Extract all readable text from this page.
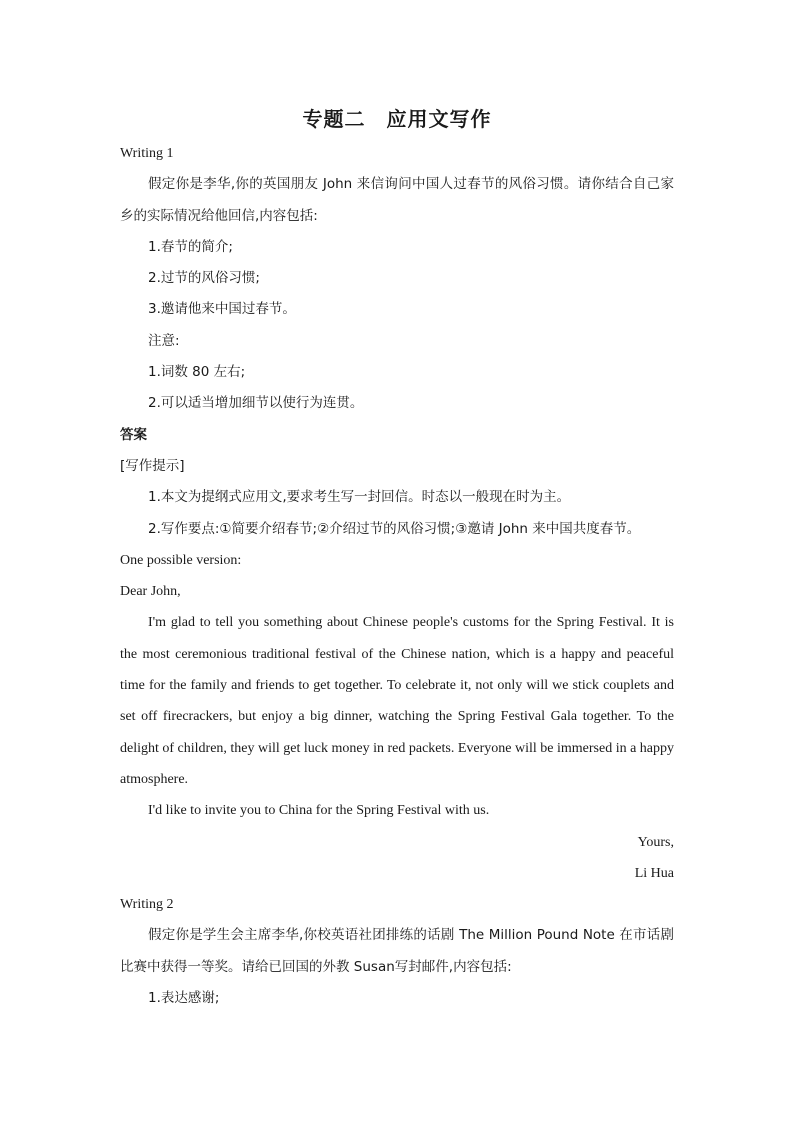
专题二　应用文写作
Writing 1
假定你是李华,你的英国朋友 John 来信询问中国人过春节的风俗习惯。请你结合自己家乡的实际情况给他回信,内容包括:
1.春节的简介;
2.过节的风俗习惯;
3.邀请他来中国过春节。
注意:
1.词数 80 左右;
2.可以适当增加细节以使行为连贯。
答案
[写作提示]
1.本文为提纲式应用文,要求考生写一封回信。时态以一般现在时为主。
2.写作要点:①简要介绍春节;②介绍过节的风俗习惯;③邀请 John 来中国共度春节。
One possible version:
Dear John,
I'm glad to tell you something about Chinese people's customs for the Spring Festival. It is the most ceremonious traditional festival of the Chinese nation, which is a happy and peaceful time for the family and friends to get together. To celebrate it, not only will we stick couplets and set off firecrackers, but enjoy a big dinner, watching the Spring Festival Gala together. To the delight of children, they will get luck money in red packets. Everyone will be immersed in a happy atmosphere.
I'd like to invite you to China for the Spring Festival with us.
Yours,
Li Hua
Writing 2
假定你是学生会主席李华,你校英语社团排练的话剧 The Million Pound Note 在市话剧比赛中获得一等奖。请给已回国的外教 Susan写封邮件,内容包括:
1.表达感谢;
